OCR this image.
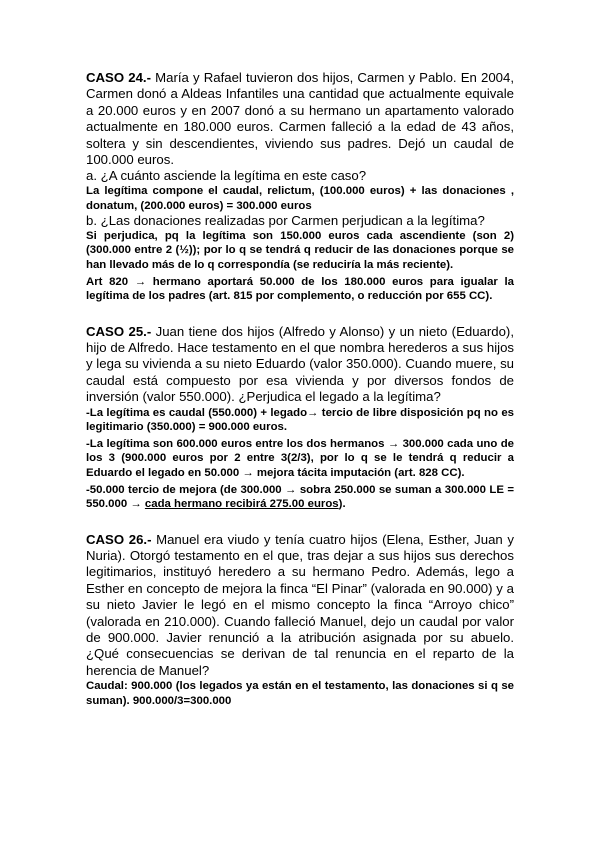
CASO 24.- María y Rafael tuvieron dos hijos, Carmen y Pablo. En 2004, Carmen donó a Aldeas Infantiles una cantidad que actualmente equivale a 20.000 euros y en 2007 donó a su hermano un apartamento valorado actualmente en 180.000 euros. Carmen falleció a la edad de 43 años, soltera y sin descendientes, viviendo sus padres. Dejó un caudal de 100.000 euros.

a. ¿A cuánto asciende la legítima en este caso?

La legítima compone el caudal, relictum, (100.000 euros) + las donaciones , donatum, (200.000 euros) = 300.000 euros

b. ¿Las donaciones realizadas por Carmen perjudican a la legítima?

Si perjudica, pq la legítima son 150.000 euros cada ascendiente (son 2) (300.000 entre 2 (½)); por lo q se tendrá q reducir de las donaciones porque se han llevado más de lo q correspondía (se reduciría la más reciente).

Art 820 → hermano aportará 50.000 de los 180.000 euros para igualar la legítima de los padres (art. 815 por complemento, o reducción por 655 CC).

CASO 25.- Juan tiene dos hijos (Alfredo y Alonso) y un nieto (Eduardo), hijo de Alfredo. Hace testamento en el que nombra herederos a sus hijos y lega su vivienda a su nieto Eduardo (valor 350.000). Cuando muere, su caudal está compuesto por esa vivienda y por diversos fondos de inversión (valor 550.000). ¿Perjudica el legado a la legítima?

-La legítima es caudal (550.000) + legado→ tercio de libre disposición pq no es legitimario (350.000) = 900.000 euros.

-La legítima son 600.000 euros entre los dos hermanos → 300.000 cada uno de los 3 (900.000 euros por 2 entre 3(2/3), por lo q se le tendrá q reducir a Eduardo el legado en 50.000 → mejora tácita imputación (art. 828 CC).

-50.000 tercio de mejora (de 300.000 → sobra 250.000 se suman a 300.000 LE = 550.000 → cada hermano recibirá 275.00 euros).

CASO 26.- Manuel era viudo y tenía cuatro hijos (Elena, Esther, Juan y Nuria). Otorgó testamento en el que, tras dejar a sus hijos sus derechos legitimarios, instituyó heredero a su hermano Pedro. Además, lego a Esther en concepto de mejora la finca “El Pinar” (valorada en 90.000) y a su nieto Javier le legó en el mismo concepto la finca “Arroyo chico” (valorada en 210.000). Cuando falleció Manuel, dejo un caudal por valor de 900.000. Javier renunció a la atribución asignada por su abuelo. ¿Qué consecuencias se derivan de tal renuncia en el reparto de la herencia de Manuel?

Caudal: 900.000 (los legados ya están en el testamento, las donaciones si q se suman). 900.000/3=300.000
